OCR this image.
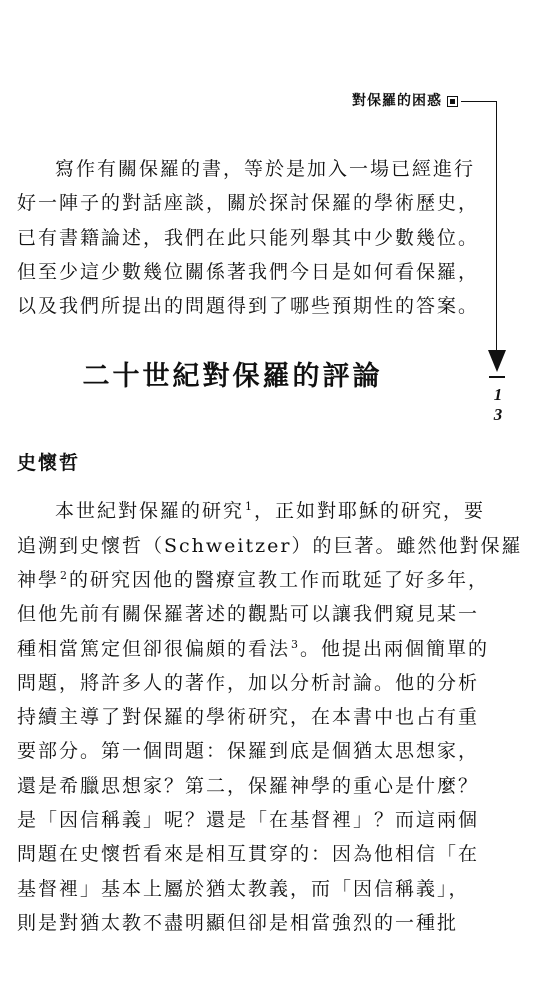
對保羅的困惑
1
3
寫作有關保羅的書，等於是加入一場已經進行
好一陣子的對話座談，關於探討保羅的學術歷史，
已有書籍論述，我們在此只能列舉其中少數幾位。
但至少這少數幾位關係著我們今日是如何看保羅，
以及我們所提出的問題得到了哪些預期性的答案。
二十世紀對保羅的評論
史懷哲
本世紀對保羅的研究$^1$，正如對耶穌的研究，要
追溯到史懷哲（Schweitzer）的巨著。雖然他對保羅
神學$^2$的研究因他的醫療宣教工作而耽延了好多年，
但他先前有關保羅著述的觀點可以讓我們窺見某一
種相當篤定但卻很偏頗的看法$^3$。他提出兩個簡單的
問題，將許多人的著作，加以分析討論。他的分析
持續主導了對保羅的學術研究，在本書中也占有重
要部分。第一個問題：保羅到底是個猶太思想家，
還是希臘思想家？第二，保羅神學的重心是什麼？
是「因信稱義」呢？還是「在基督裡」？而這兩個
問題在史懷哲看來是相互貫穿的：因為他相信「在
基督裡」基本上屬於猶太教義，而「因信稱義」，
則是對猶太教不盡明顯但卻是相當強烈的一種批
